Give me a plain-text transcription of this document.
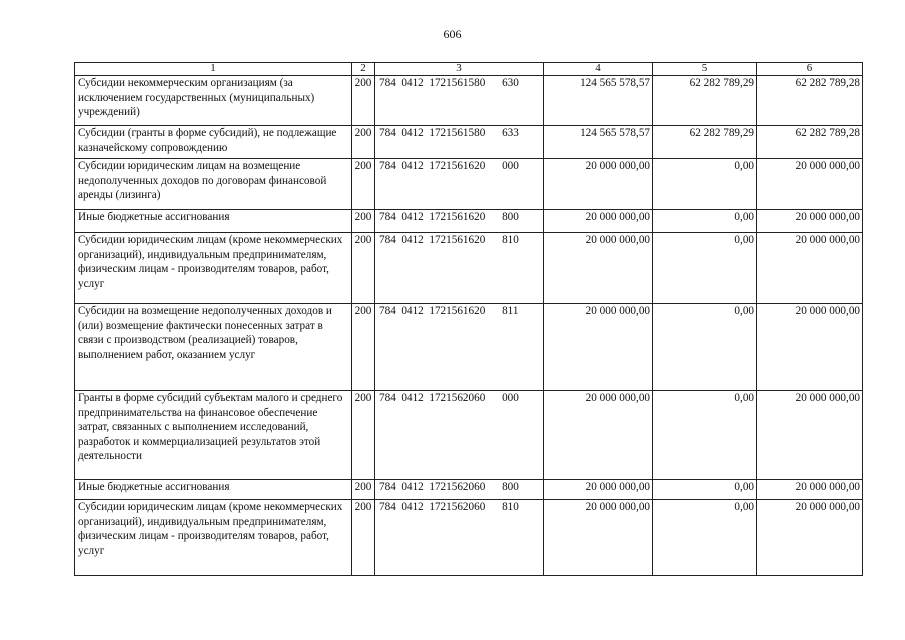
606
1	2	3	4	5	6
Субсидии некоммерческим организациям (за исключением государственных (муниципальных) учреждений)	200	784  0412  1721561580      630	124 565 578,57	62 282 789,29	62 282 789,28
Субсидии (гранты в форме субсидий), не подлежащие казначейскому сопровождению	200	784  0412  1721561580      633	124 565 578,57	62 282 789,29	62 282 789,28
Субсидии юридическим лицам на возмещение недополученных доходов по договорам финансовой аренды (лизинга)	200	784  0412  1721561620      000	20 000 000,00	0,00	20 000 000,00
Иные бюджетные ассигнования	200	784  0412  1721561620      800	20 000 000,00	0,00	20 000 000,00
Субсидии юридическим лицам (кроме некоммерческих организаций), индивидуальным предпринимателям, физическим лицам - производителям товаров, работ, услуг	200	784  0412  1721561620      810	20 000 000,00	0,00	20 000 000,00
Субсидии на возмещение недополученных доходов и (или) возмещение фактически понесенных затрат в связи с производством (реализацией) товаров, выполнением работ, оказанием услуг	200	784  0412  1721561620      811	20 000 000,00	0,00	20 000 000,00
Гранты в форме субсидий субъектам малого и среднего предпринимательства на финансовое обеспечение затрат, связанных с выполнением исследований, разработок и коммерциализацией результатов этой деятельности	200	784  0412  1721562060      000	20 000 000,00	0,00	20 000 000,00
Иные бюджетные ассигнования	200	784  0412  1721562060      800	20 000 000,00	0,00	20 000 000,00
Субсидии юридическим лицам (кроме некоммерческих организаций), индивидуальным предпринимателям, физическим лицам - производителям товаров, работ, услуг	200	784  0412  1721562060      810	20 000 000,00	0,00	20 000 000,00
